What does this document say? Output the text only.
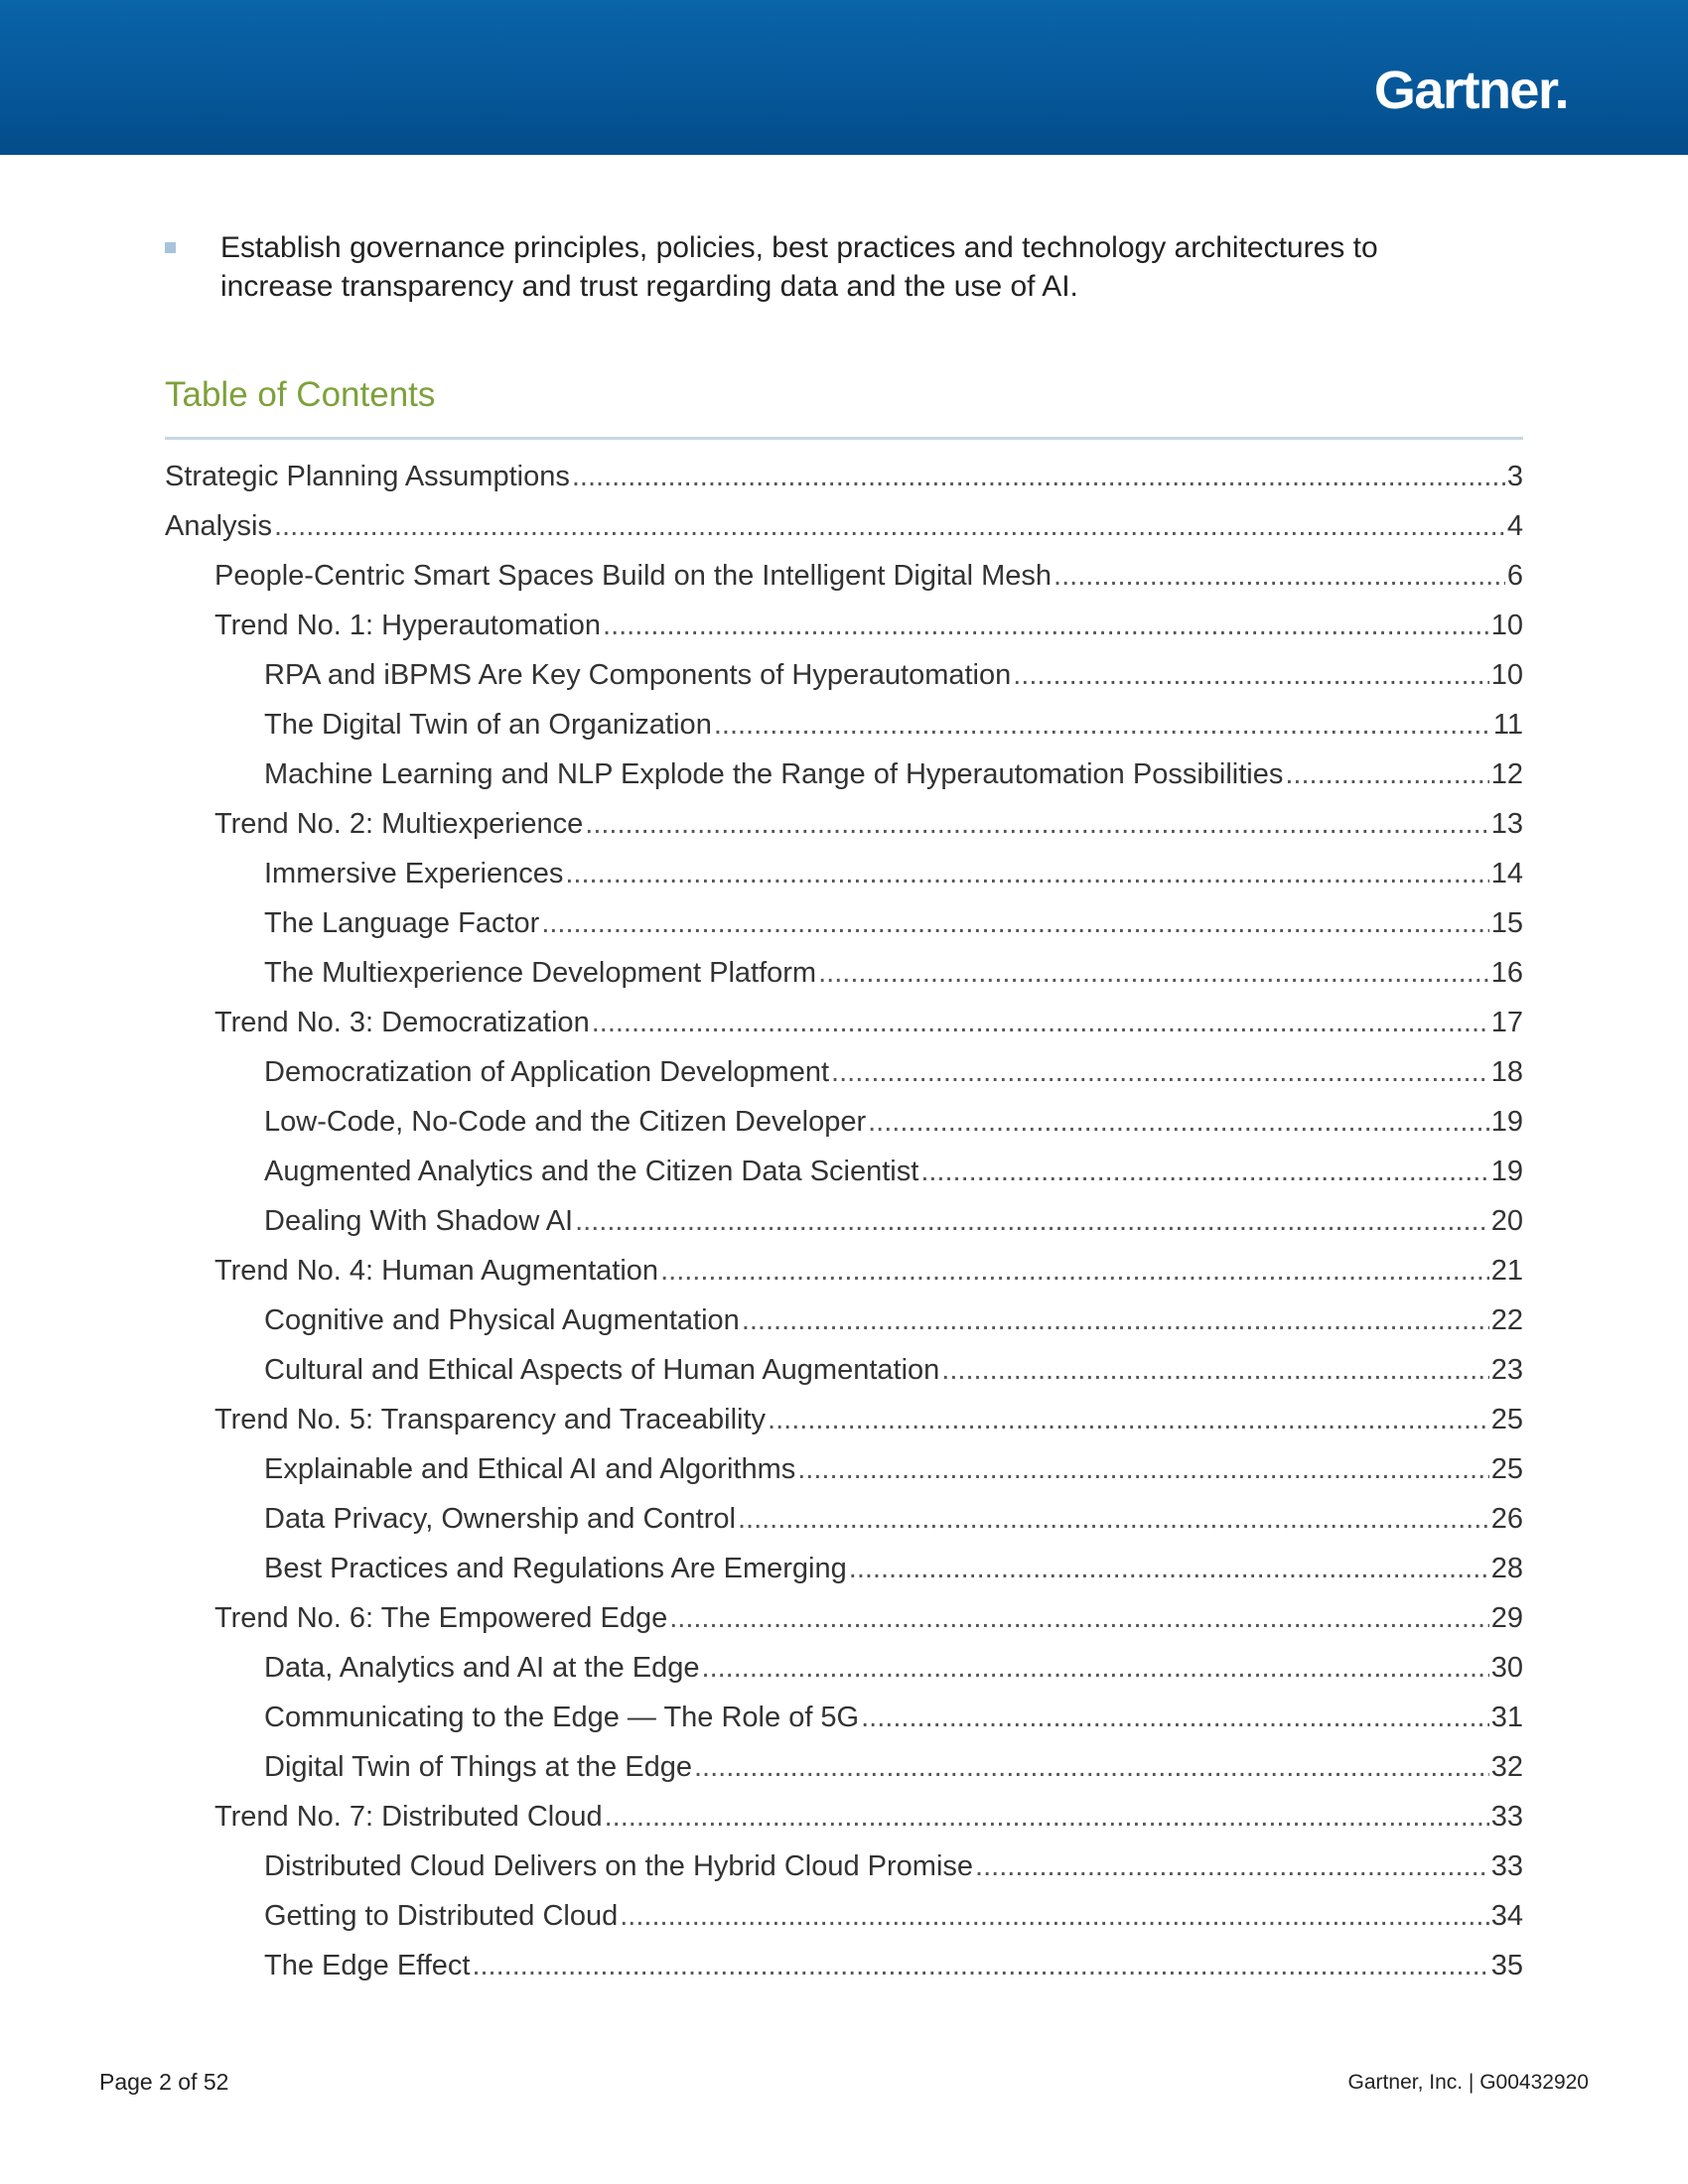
Gartner.
Establish governance principles, policies, best practices and technology architectures to increase transparency and trust regarding data and the use of AI.
Table of Contents
Strategic Planning Assumptions .....	3
Analysis .....	4
People-Centric Smart Spaces Build on the Intelligent Digital Mesh .....	6
Trend No. 1: Hyperautomation .....	10
RPA and iBPMS Are Key Components of Hyperautomation .....	10
The Digital Twin of an Organization .....	11
Machine Learning and NLP Explode the Range of Hyperautomation Possibilities .....	12
Trend No. 2: Multiexperience .....	13
Immersive Experiences .....	14
The Language Factor .....	15
The Multiexperience Development Platform .....	16
Trend No. 3: Democratization .....	17
Democratization of Application Development .....	18
Low-Code, No-Code and the Citizen Developer .....	19
Augmented Analytics and the Citizen Data Scientist .....	19
Dealing With Shadow AI .....	20
Trend No. 4: Human Augmentation .....	21
Cognitive and Physical Augmentation .....	22
Cultural and Ethical Aspects of Human Augmentation .....	23
Trend No. 5: Transparency and Traceability .....	25
Explainable and Ethical AI and Algorithms .....	25
Data Privacy, Ownership and Control .....	26
Best Practices and Regulations Are Emerging .....	28
Trend No. 6: The Empowered Edge .....	29
Data, Analytics and AI at the Edge .....	30
Communicating to the Edge — The Role of 5G .....	31
Digital Twin of Things at the Edge .....	32
Trend No. 7: Distributed Cloud .....	33
Distributed Cloud Delivers on the Hybrid Cloud Promise .....	33
Getting to Distributed Cloud .....	34
The Edge Effect .....	35
Page 2 of 52	Gartner, Inc. | G00432920
